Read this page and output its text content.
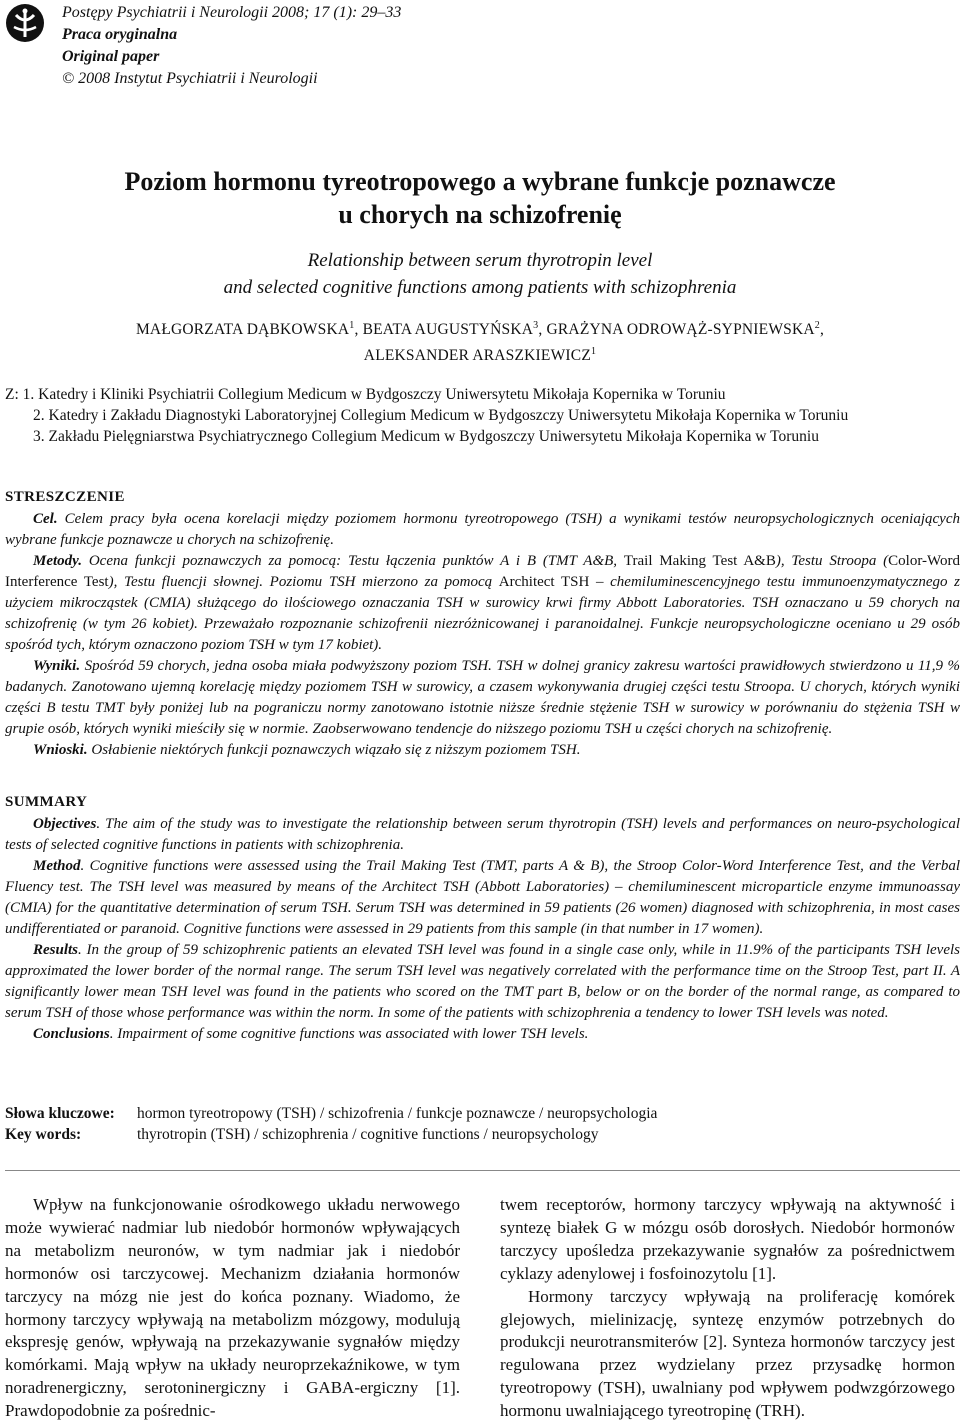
Postępy Psychiatrii i Neurologii 2008; 17 (1): 29–33
Praca oryginalna
Original paper
© 2008 Instytut Psychiatrii i Neurologii
Poziom hormonu tyreotropowego a wybrane funkcje poznawcze
u chorych na schizofrenię

Relationship between serum thyrotropin level
and selected cognitive functions among patients with schizophrenia

MAŁGORZATA DĄBKOWSKA$^1$, BEATA AUGUSTYŃSKA$^3$, GRAŻYNA ODROWĄŻ-SYPNIEWSKA$^2$,
ALEKSANDER ARASZKIEWICZ$^1$

Z: 1. Katedry i Kliniki Psychiatrii Collegium Medicum w Bydgoszczy Uniwersytetu Mikołaja Kopernika w Toruniu
2. Katedry i Zakładu Diagnostyki Laboratoryjnej Collegium Medicum w Bydgoszczy Uniwersytetu Mikołaja Kopernika w Toruniu
3. Zakładu Pielęgniarstwa Psychiatrycznego Collegium Medicum w Bydgoszczy Uniwersytetu Mikołaja Kopernika w Toruniu

STRESZCZENIE

Cel. Celem pracy była ocena korelacji między poziomem hormonu tyreotropowego (TSH) a wynikami testów neuropsychologicznych oceniających wybrane funkcje poznawcze u chorych na schizofrenię.

Metody. Ocena funkcji poznawczych za pomocą: Testu łączenia punktów A i B (TMT A&B, Trail Making Test A&B), Testu Stroopa (Color-Word Interference Test), Testu fluencji słownej. Poziomu TSH mierzono za pomocą Architect TSH – chemiluminescencyjnego testu immunoenzymatycznego z użyciem mikrocząstek (CMIA) służącego do ilościowego oznaczania TSH w surowicy krwi firmy Abbott Laboratories. TSH oznaczano u 59 chorych na schizofrenię (w tym 26 kobiet). Przeważało rozpoznanie schizofrenii niezróżnicowanej i paranoidalnej. Funkcje neuropsychologiczne oceniano u 29 osób spośród tych, którym oznaczono poziom TSH w tym 17 kobiet).

Wyniki. Spośród 59 chorych, jedna osoba miała podwyższony poziom TSH. TSH w dolnej granicy zakresu wartości prawidłowych stwierdzono u 11,9 % badanych. Zanotowano ujemną korelację między poziomem TSH w surowicy, a czasem wykonywania drugiej części testu Stroopa. U chorych, których wyniki części B testu TMT były poniżej lub na pograniczu normy zanotowano istotnie niższe średnie stężenie TSH w surowicy w porównaniu do stężenia TSH w grupie osób, których wyniki mieściły się w normie. Zaobserwowano tendencje do niższego poziomu TSH u części chorych na schizofrenię.

Wnioski. Osłabienie niektórych funkcji poznawczych wiązało się z niższym poziomem TSH.

SUMMARY

Objectives. The aim of the study was to investigate the relationship between serum thyrotropin (TSH) levels and performances on neuro-psychological tests of selected cognitive functions in patients with schizophrenia.

Method. Cognitive functions were assessed using the Trail Making Test (TMT, parts A & B), the Stroop Color-Word Interference Test, and the Verbal Fluency test. The TSH level was measured by means of the Architect TSH (Abbott Laboratories) – chemiluminescent microparticle enzyme immunoassay (CMIA) for the quantitative determination of serum TSH. Serum TSH was determined in 59 patients (26 women) diagnosed with schizophrenia, in most cases undifferentiated or paranoid. Cognitive functions were assessed in 29 patients from this sample (in that number in 17 women).

Results. In the group of 59 schizophrenic patients an elevated TSH level was found in a single case only, while in 11.9% of the participants TSH levels approximated the lower border of the normal range. The serum TSH level was negatively correlated with the performance time on the Stroop Test, part II. A significantly lower mean TSH level was found in the patients who scored on the TMT part B, below or on the border of the normal range, as compared to serum TSH of those whose performance was within the norm. In some of the patients with schizophrenia a tendency to lower TSH levels was noted.

Conclusions. Impairment of some cognitive functions was associated with lower TSH levels.

Słowa kluczowe:	hormon tyreotropowy (TSH) / schizofrenia / funkcje poznawcze / neuropsychologia
Key words:	thyrotropin (TSH) / schizophrenia / cognitive functions / neuropsychology

Wpływ na funkcjonowanie ośrodkowego układu nerwowego może wywierać nadmiar lub niedobór hormonów wpływających na metabolizm neuronów, w tym nadmiar jak i niedobór hormonów osi tarczycowej. Mechanizm działania hormonów tarczycy na mózg nie jest do końca poznany. Wiadomo, że hormony tarczycy wpływają na metabolizm mózgowy, modulują ekspresję genów, wpływają na przekazywanie sygnałów między komórkami. Mają wpływ na układy neuroprzekaźnikowe, w tym noradrenergiczny, serotoninergiczny i GABA-ergiczny [1]. Prawdopodobnie za pośrednic-

twem receptorów, hormony tarczycy wpływają na aktywność i syntezę białek G w mózgu osób dorosłych. Niedobór hormonów tarczycy upośledza przekazywanie sygnałów za pośrednictwem cyklazy adenylowej i fosfoinozytolu [1].

Hormony tarczycy wpływają na proliferację komórek glejowych, mielinizację, syntezę enzymów potrzebnych do produkcji neurotransmiterów [2]. Synteza hormonów tarczycy jest regulowana przez wydzielany przez przysadkę hormon tyreotropowy (TSH), uwalniany pod wpływem podwzgórzowego hormonu uwalniającego tyreotropinę (TRH).
